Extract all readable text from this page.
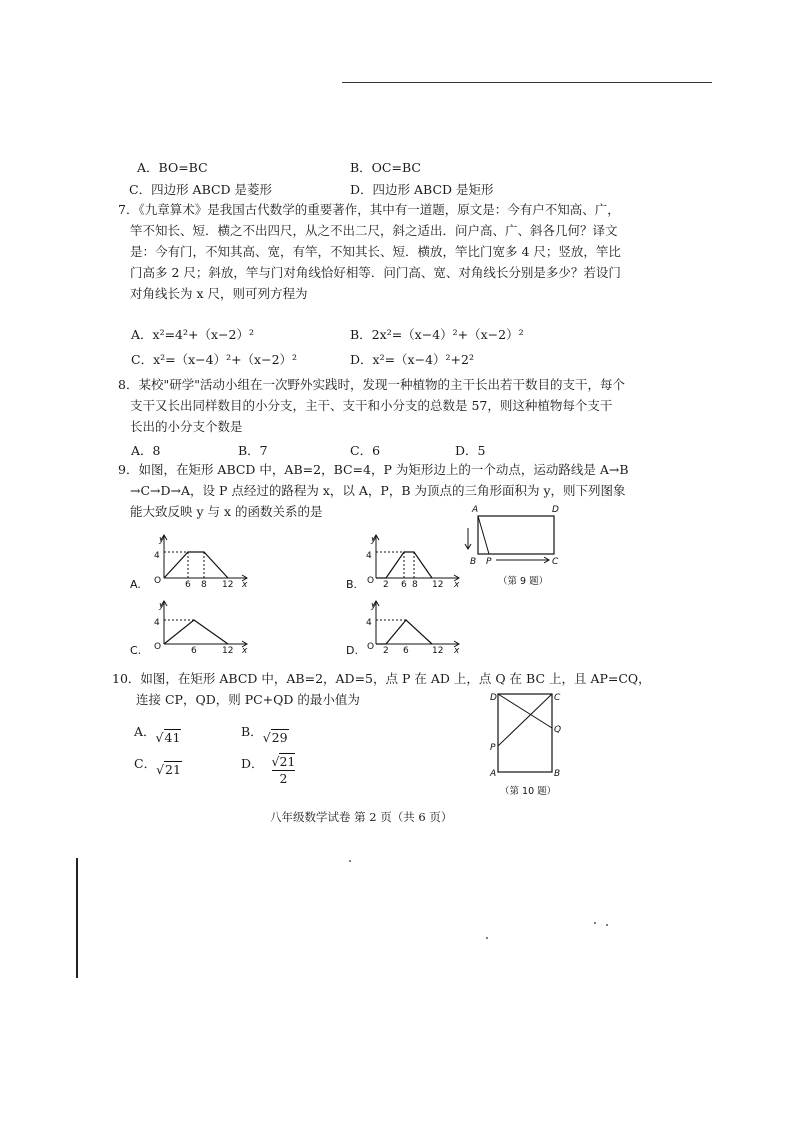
A．BO=BC	B．OC=BC
C．四边形 ABCD 是菱形	D．四边形 ABCD 是矩形
7．《九章算术》是我国古代数学的重要著作，其中有一道题，原文是：今有户不知高、广，
竿不知长、短．横之不出四尺，从之不出二尺，斜之适出．问户高、广、斜各几何？译文
是：今有门，不知其高、宽，有竿，不知其长、短．横放，竿比门宽多 4 尺；竖放，竿比
门高多 2 尺；斜放，竿与门对角线恰好相等．问门高、宽、对角线长分别是多少？若设门
对角线长为 x 尺，则可列方程为
A．x²=4²+（x−2）²	B．2x²=（x−4）²+（x−2）²
C．x²=（x−4）²+（x−2）²	D．x²=（x−4）²+2²
8．某校"研学"活动小组在一次野外实践时，发现一种植物的主干长出若干数目的支干，每个
支干又长出同样数目的小分支，主干、支干和小分支的总数是 57，则这种植物每个支干
长出的小分支个数是
A．8	B．7	C．6	D．5
9．如图，在矩形 ABCD 中，AB=2，BC=4，P 为矩形边上的一个动点，运动路线是 A→B
→C→D→A，设 P 点经过的路程为 x，以 A，P，B 为顶点的三角形面积为 y，则下列图象
能大致反映 y 与 x 的函数关系的是
A.
y
x
O
4
6 8 12	B.
y
x
O
4
2 6 8 12
C.
y
x
O
4
6	12	D.
y
x
O
4
2 6	12
A	D
B P	C
（第 9 题）
10．如图，在矩形 ABCD 中，AB=2，AD=5，点 P 在 AD 上，点 Q 在 BC 上，且 AP=CQ，
连接 CP，QD，则 PC+QD 的最小值为
A．√41	B．√29
C．√21	D． $\frac{√21}{2}$
D	C
Q
P
A	B
（第 10 题）
八年级数学试卷 第 2 页（共 6 页）
